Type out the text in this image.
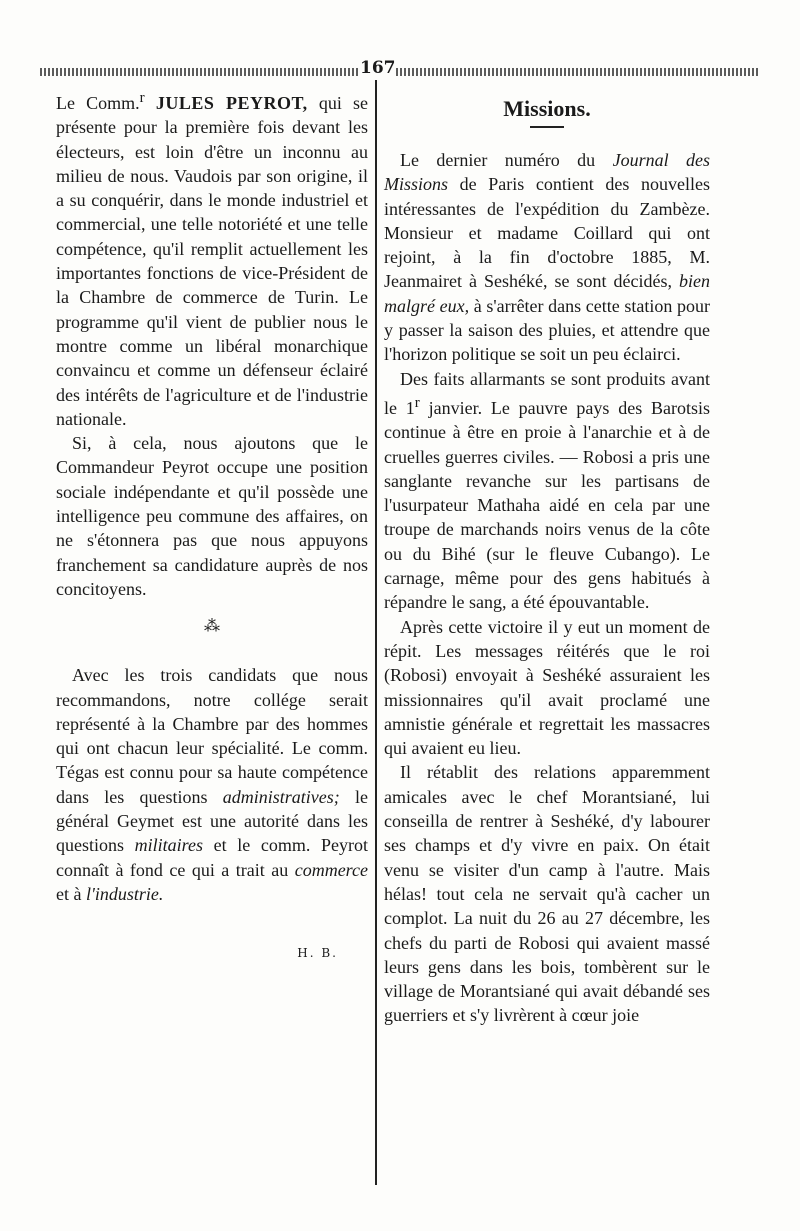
167

Le Comm.$^r$ JULES PEYROT, qui se présente pour la première fois devant les électeurs, est loin d'être un inconnu au milieu de nous. Vaudois par son origine, il a su conquérir, dans le monde industriel et commercial, une telle notoriété et une telle compétence, qu'il remplit actuellement les importantes fonctions de vice-Président de la Chambre de commerce de Turin. Le programme qu'il vient de publier nous le montre comme un libéral monarchique convaincu et comme un défenseur éclairé des intérêts de l'agriculture et de l'industrie nationale.

Si, à cela, nous ajoutons que le Commandeur Peyrot occupe une position sociale indépendante et qu'il possède une intelligence peu commune des affaires, on ne s'étonnera pas que nous appuyons franchement sa candidature auprès de nos concitoyens.

⁂

Avec les trois candidats que nous recommandons, notre collége serait représenté à la Chambre par des hommes qui ont chacun leur spécialité. Le comm. Tégas est connu pour sa haute compétence dans les questions administratives; le général Geymet est une autorité dans les questions militaires et le comm. Peyrot connaît à fond ce qui a trait au commerce et à l'industrie.

H. B.
Missions.

Le dernier numéro du Journal des Missions de Paris contient des nouvelles intéressantes de l'expédition du Zambèze. Monsieur et madame Coillard qui ont rejoint, à la fin d'octobre 1885, M. Jeanmairet à Seshéké, se sont décidés, bien malgré eux, à s'arrêter dans cette station pour y passer la saison des pluies, et attendre que l'horizon politique se soit un peu éclairci.

Des faits allarmants se sont produits avant le 1$^r$ janvier. Le pauvre pays des Barotsis continue à être en proie à l'anarchie et à de cruelles guerres civiles. — Robosi a pris une sanglante revanche sur les partisans de l'usurpateur Mathaha aidé en cela par une troupe de marchands noirs venus de la côte ou du Bihé (sur le fleuve Cubango). Le carnage, même pour des gens habitués à répandre le sang, a été épouvantable.

Après cette victoire il y eut un moment de répit. Les messages réitérés que le roi (Robosi) envoyait à Seshéké assuraient les missionnaires qu'il avait proclamé une amnistie générale et regrettait les massacres qui avaient eu lieu.

Il rétablit des relations apparemment amicales avec le chef Morantsiané, lui conseilla de rentrer à Seshéké, d'y labourer ses champs et d'y vivre en paix. On était venu se visiter d'un camp à l'autre. Mais hélas! tout cela ne servait qu'à cacher un complot. La nuit du 26 au 27 décembre, les chefs du parti de Robosi qui avaient massé leurs gens dans les bois, tombèrent sur le village de Morantsiané qui avait débandé ses guerriers et s'y livrèrent à cœur joie
